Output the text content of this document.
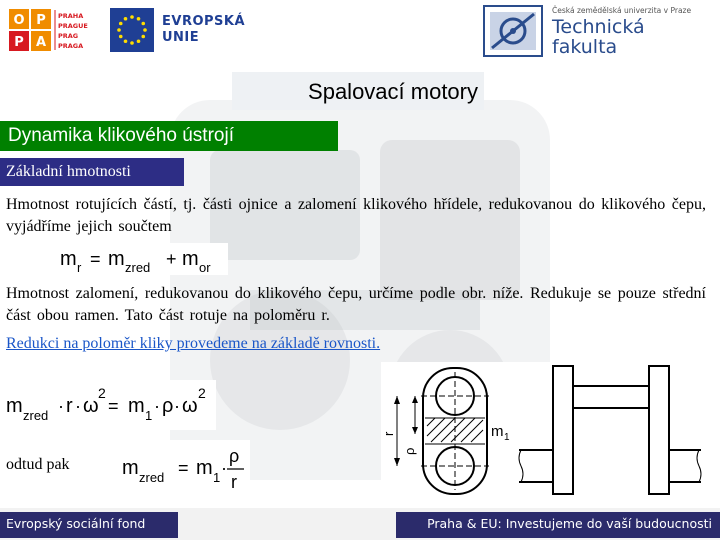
O P
P A
PRAHA
PRAGUE
PRAG
PRAGA
EVROPSKÁ
UNIE
Česká zemědělská univerzita v Praze
Technická
fakulta
Spalovací motory
Dynamika klikového ústrojí
Základní hmotnosti
Hmotnost rotujících částí, tj. části ojnice a zalomení klikového hřídele, redukovanou do klikového čepu, vyjádříme jejich součtem
m r = m zred + m or
Hmotnost zalomení, redukovanou do klikového čepu, určíme podle obr. níže. Redukuje se pouze střední část obou ramen. Tato část rotuje na poloměru r.
Redukci na poloměr kliky provedeme na základě rovnosti.
m zred · r · ω
2
= m 1 · ρ · ω
2
odtud pak	m zred = m 1 ·
ρ
r
r
ρ
m 1
Evropský sociální fond	Praha & EU: Investujeme do vaší budoucnosti
